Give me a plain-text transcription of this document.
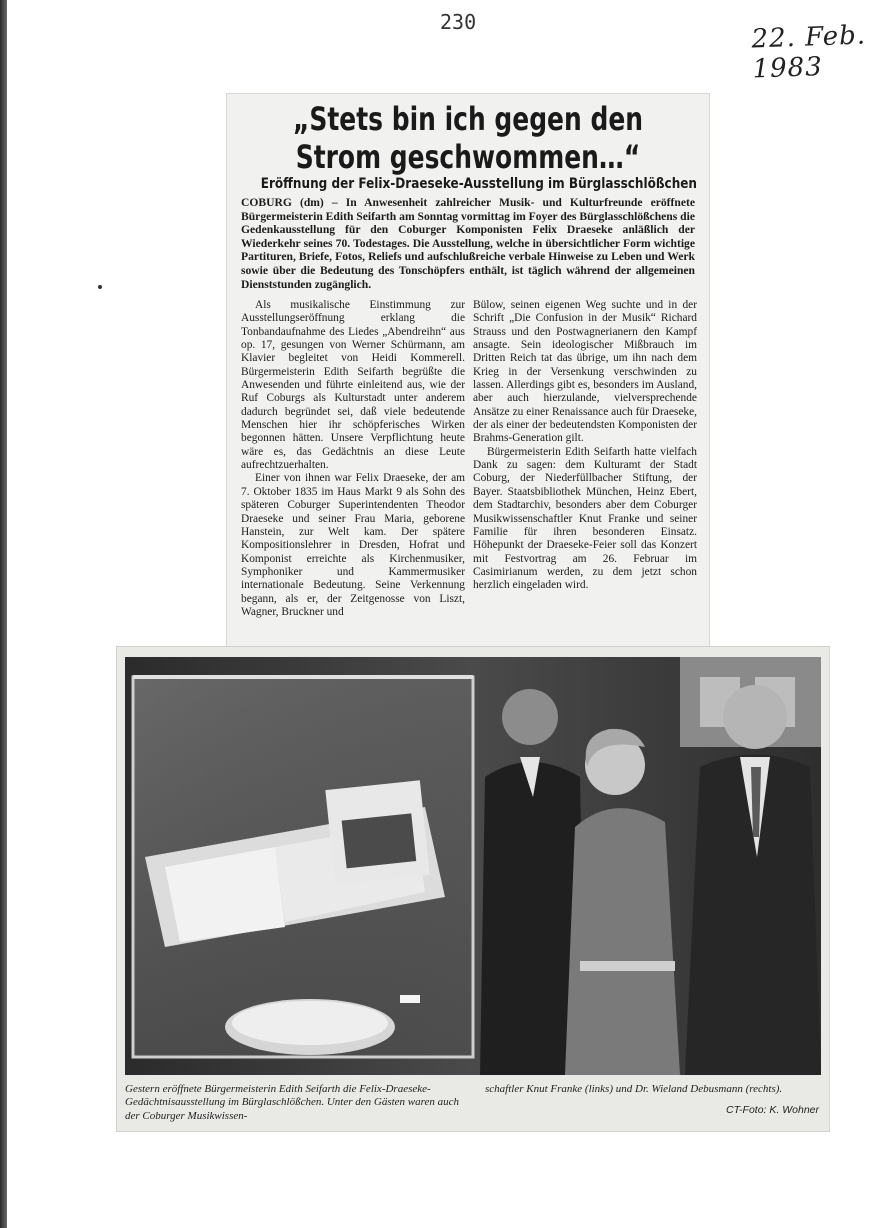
230	22. Feb. 1983
„Stets bin ich gegen den
Strom geschwommen…“
Eröffnung der Felix-Draeseke-Ausstellung im Bürglasschlößchen

COBURG (dm) – In Anwesenheit zahlreicher Musik- und Kulturfreunde eröffnete Bürgermeisterin Edith Seifarth am Sonntag vormittag im Foyer des Bürglasschlößchens die Gedenkausstellung für den Coburger Komponisten Felix Draeseke anläßlich der Wiederkehr seines 70. Todestages. Die Ausstellung, welche in übersichtlicher Form wichtige Partituren, Briefe, Fotos, Reliefs und aufschlußreiche verbale Hinweise zu Leben und Werk sowie über die Bedeutung des Tonschöpfers enthält, ist täglich während der allgemeinen Dienststunden zugänglich.

Als musikalische Einstimmung zur Ausstellungseröffnung erklang die Tonbandaufnahme des Liedes „Abendreihn“ aus op. 17, gesungen von Werner Schürmann, am Klavier begleitet von Heidi Kommerell. Bürgermeisterin Edith Seifarth begrüßte die Anwesenden und führte einleitend aus, wie der Ruf Coburgs als Kulturstadt unter anderem dadurch begründet sei, daß viele bedeutende Menschen hier ihr schöpferisches Wirken begonnen hätten. Unsere Verpflichtung heute wäre es, das Gedächtnis an diese Leute aufrechtzuerhalten.

Einer von ihnen war Felix Draeseke, der am 7. Oktober 1835 im Haus Markt 9 als Sohn des späteren Coburger Superintendenten Theodor Draeseke und seiner Frau Maria, geborene Hanstein, zur Welt kam. Der spätere Kompositionslehrer in Dresden, Hofrat und Komponist erreichte als Kirchenmusiker, Symphoniker und Kammermusiker internationale Bedeutung. Seine Verkennung begann, als er, der Zeitgenosse von Liszt, Wagner, Bruckner und

Bülow, seinen eigenen Weg suchte und in der Schrift „Die Confusion in der Musik“ Richard Strauss und den Postwagnerianern den Kampf ansagte. Sein ideologischer Mißbrauch im Dritten Reich tat das übrige, um ihn nach dem Krieg in der Versenkung verschwinden zu lassen. Allerdings gibt es, besonders im Ausland, aber auch hierzulande, vielversprechende Ansätze zu einer Renaissance auch für Draeseke, der als einer der bedeutendsten Komponisten der Brahms-Generation gilt.

Bürgermeisterin Edith Seifarth hatte vielfach Dank zu sagen: dem Kulturamt der Stadt Coburg, der Niederfüllbacher Stiftung, der Bayer. Staatsbibliothek München, Heinz Ebert, dem Stadtarchiv, besonders aber dem Coburger Musikwissenschaftler Knut Franke und seiner Familie für ihren besonderen Einsatz. Höhepunkt der Draeseke-Feier soll das Konzert mit Festvortrag am 26. Februar im Casimirianum werden, zu dem jetzt schon herzlich eingeladen wird.

Gestern eröffnete Bürgermeisterin Edith Seifarth die Felix-Draeseke-Gedächtnisausstellung im Bürglaschlößchen. Unter den Gästen waren auch der Coburger Musikwissen-
schaftler Knut Franke (links) und Dr. Wieland Debusmann (rechts).
CT-Foto: K. Wohner
